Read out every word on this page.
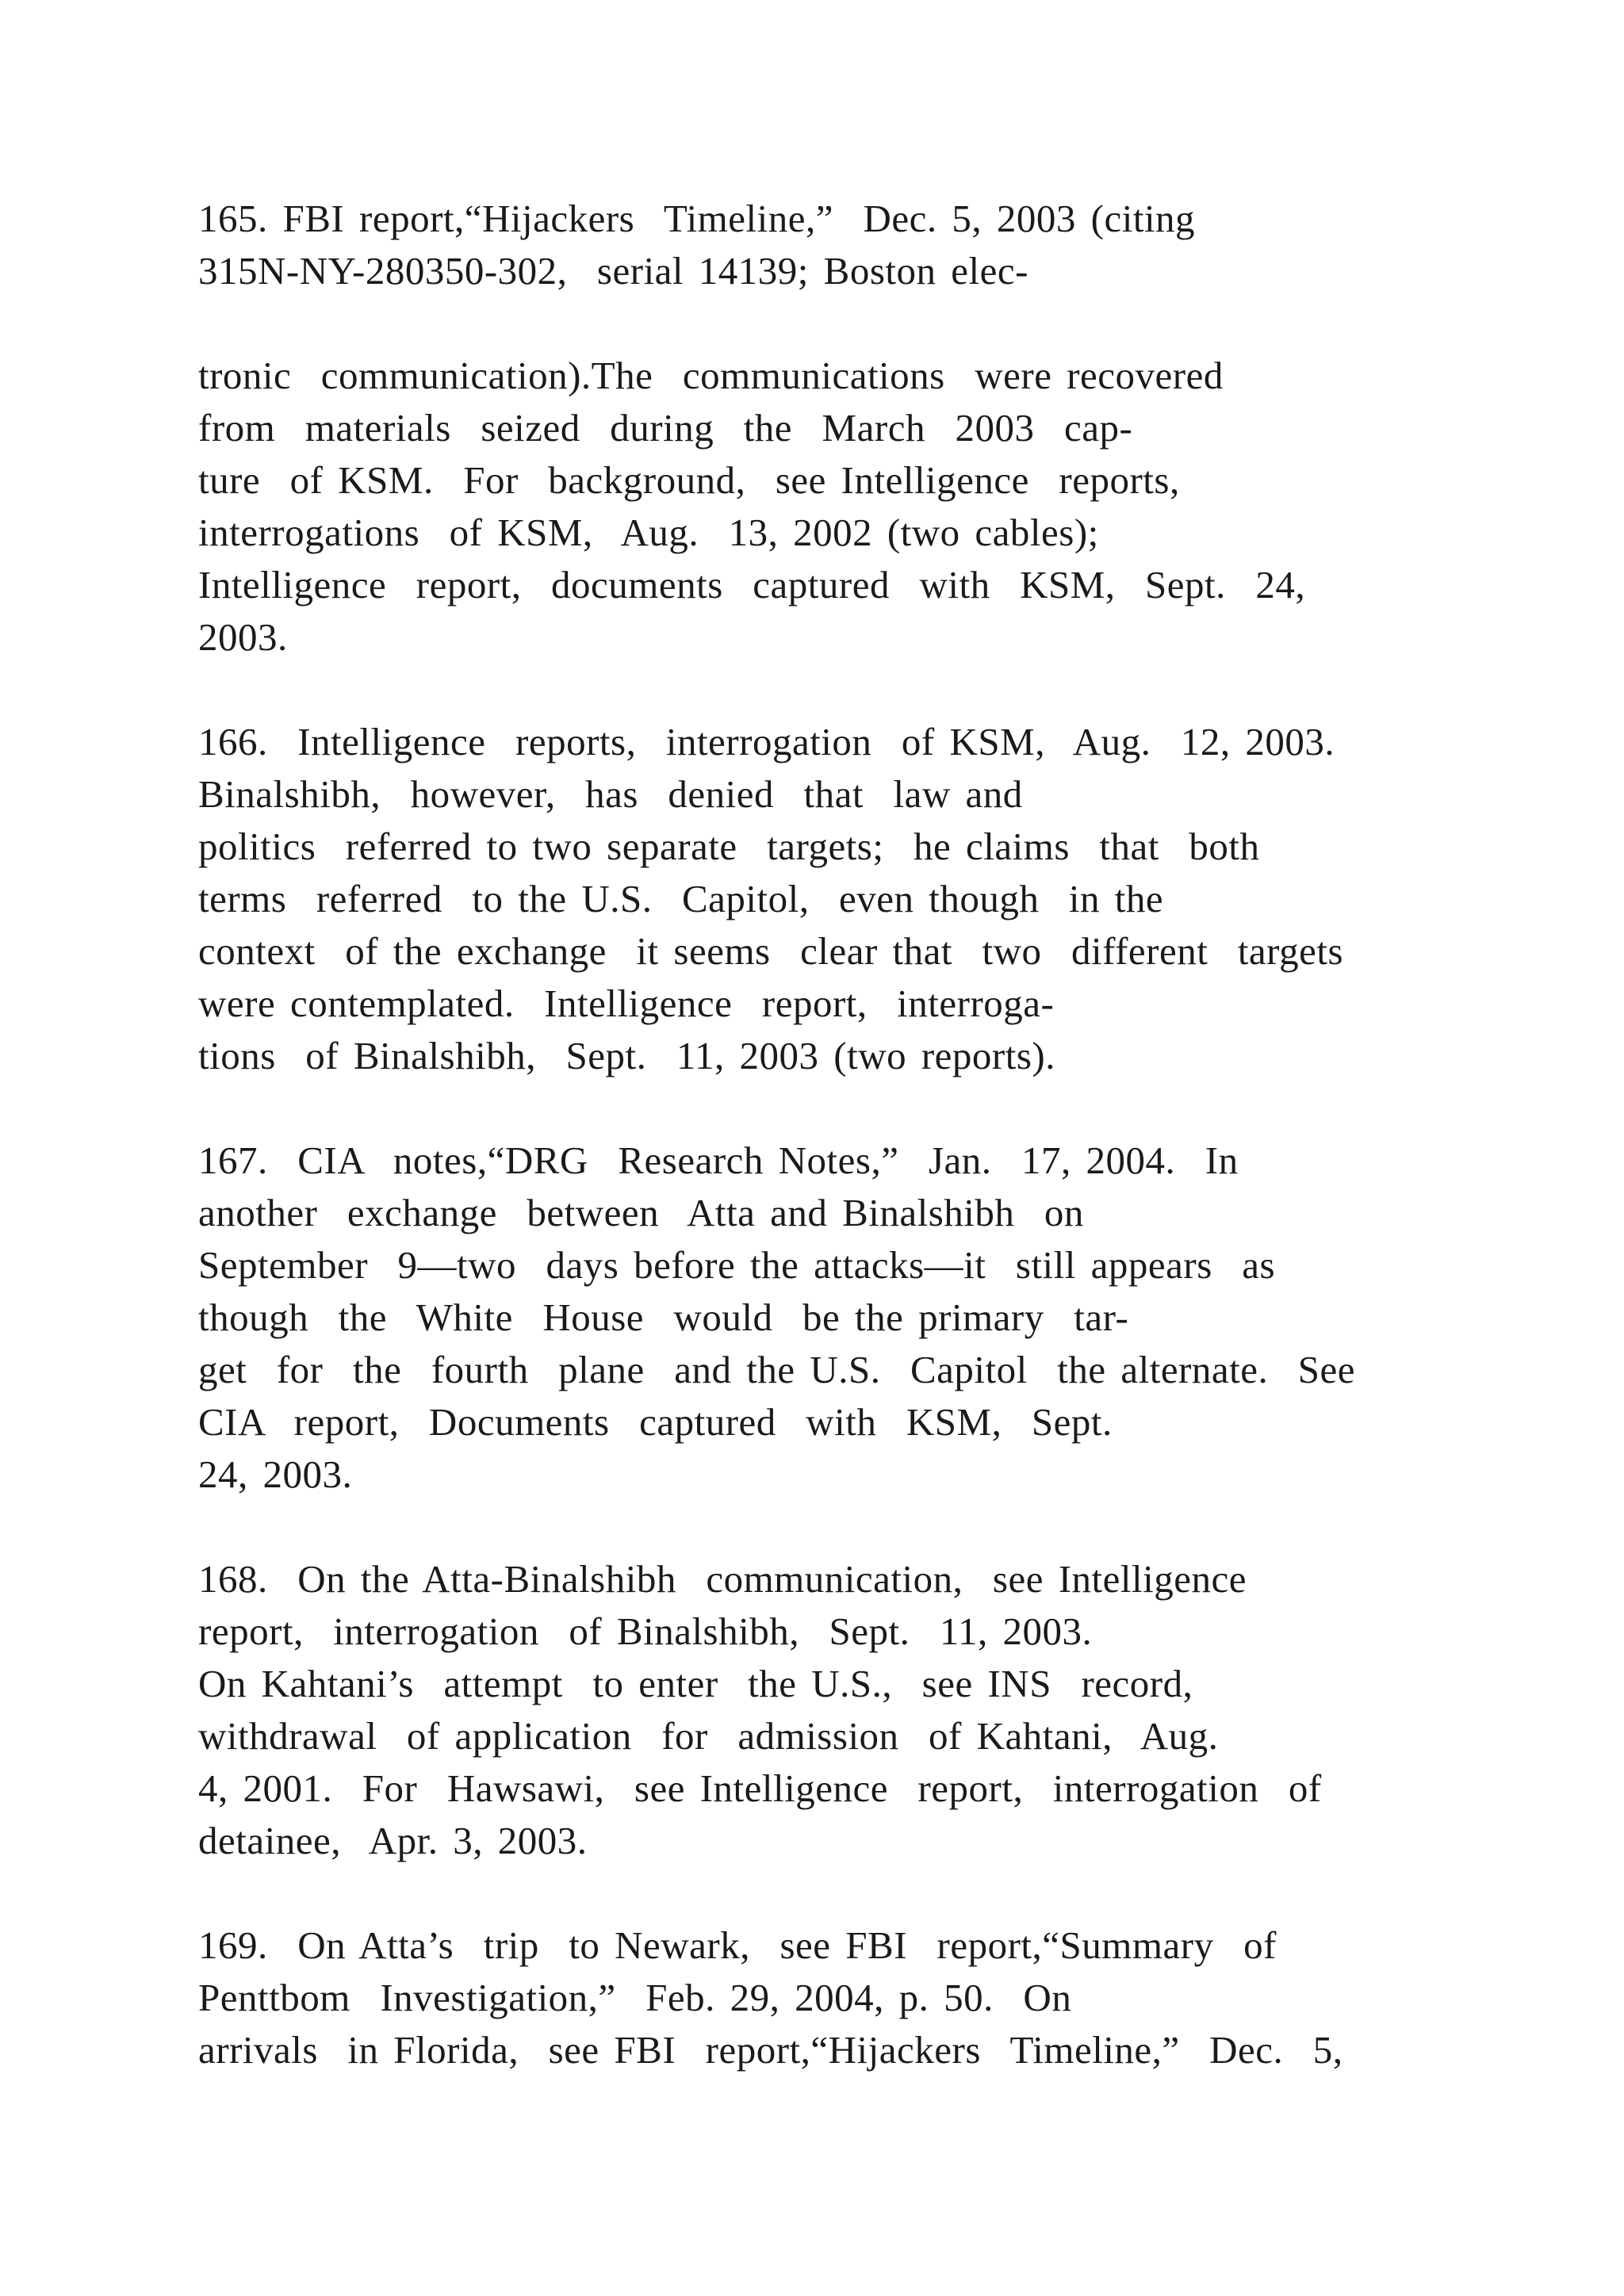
165. FBI report,“Hijackers  Timeline,”  Dec. 5, 2003 (citing
315N-NY-280350-302,  serial 14139; Boston elec-

tronic  communication).The  communications  were recovered
from  materials  seized  during  the  March  2003  cap-
ture  of KSM.  For  background,  see Intelligence  reports,
interrogations  of KSM,  Aug.  13, 2002 (two cables);
Intelligence  report,  documents  captured  with  KSM,  Sept.  24,
2003.

166.  Intelligence  reports,  interrogation  of KSM,  Aug.  12, 2003.
Binalshibh,  however,  has  denied  that  law and
politics  referred to two separate  targets;  he claims  that  both
terms  referred  to the U.S.  Capitol,  even though  in the
context  of the exchange  it seems  clear that  two  different  targets
were contemplated.  Intelligence  report,  interroga-
tions  of Binalshibh,  Sept.  11, 2003 (two reports).

167.  CIA  notes,“DRG  Research Notes,”  Jan.  17, 2004.  In
another  exchange  between  Atta and Binalshibh  on
September  9—two  days before the attacks—it  still appears  as
though  the  White  House  would  be the primary  tar-
get  for  the  fourth  plane  and the U.S.  Capitol  the alternate.  See
CIA  report,  Documents  captured  with  KSM,  Sept.
24, 2003.

168.  On the Atta-Binalshibh  communication,  see Intelligence
report,  interrogation  of Binalshibh,  Sept.  11, 2003.
On Kahtani’s  attempt  to enter  the U.S.,  see INS  record,
withdrawal  of application  for  admission  of Kahtani,  Aug.
4, 2001.  For  Hawsawi,  see Intelligence  report,  interrogation  of
detainee,  Apr. 3, 2003.

169.  On Atta’s  trip  to Newark,  see FBI  report,“Summary  of
Penttbom  Investigation,”  Feb. 29, 2004, p. 50.  On
arrivals  in Florida,  see FBI  report,“Hijackers  Timeline,”  Dec.  5,
